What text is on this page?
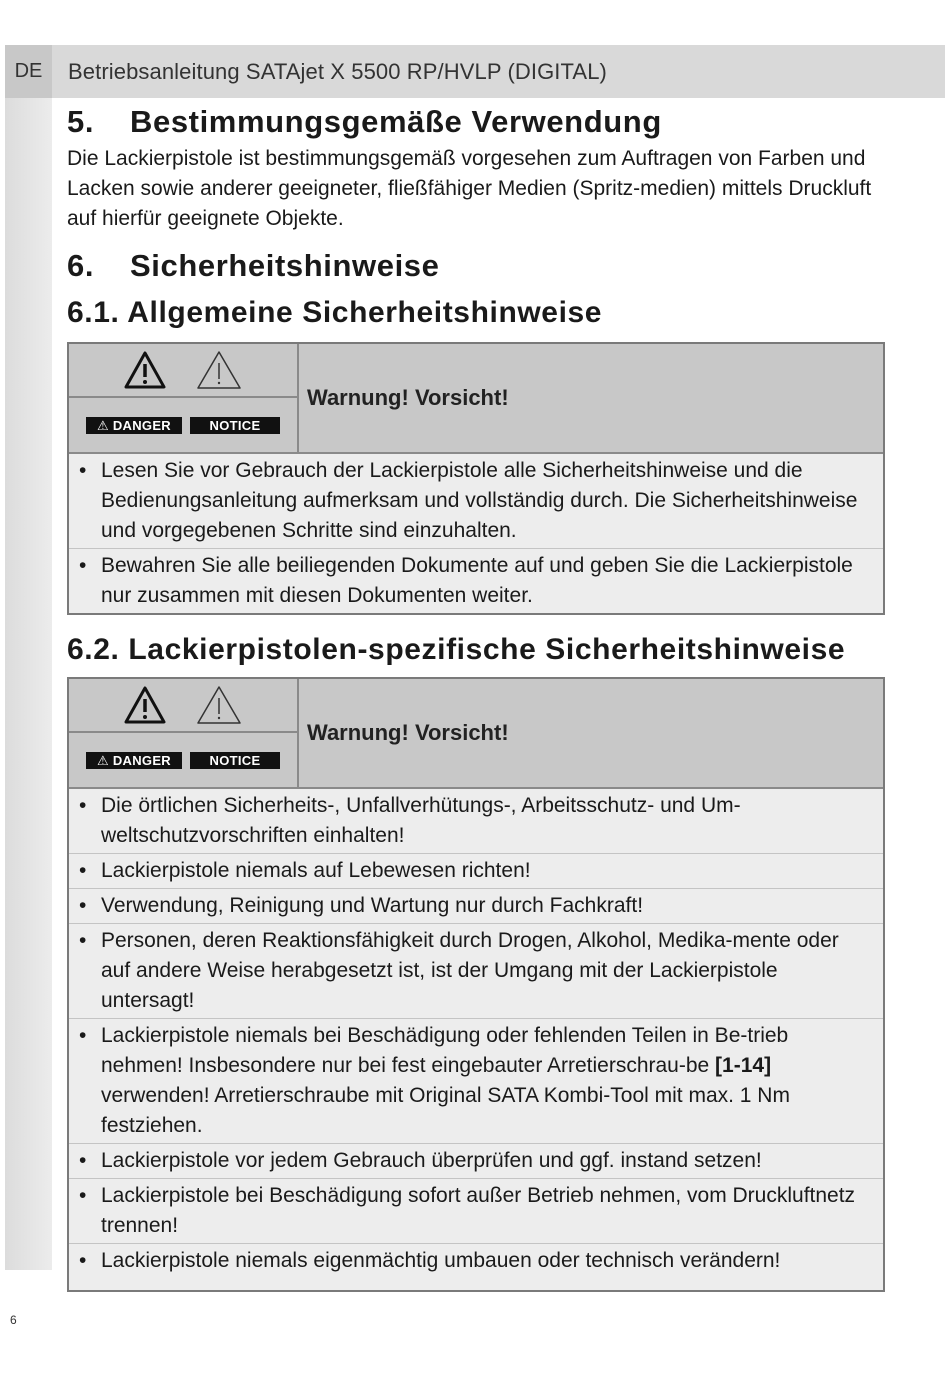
DE	Betriebsanleitung SATAjet X 5500 RP/HVLP (DIGITAL)
5.	Bestimmungsgemäße Verwendung

Die Lackierpistole ist bestimmungsgemäß vorgesehen zum Auftragen von Farben und Lacken sowie anderer geeigneter, fließfähiger Medien (Spritz-medien) mittels Druckluft auf hierfür geeignete Objekte.

6.	Sicherheitshinweise
6.1. Allgemeine Sicherheitshinweise
⚠ DANGER	NOTICE
Warnung! Vorsicht!
• Lesen Sie vor Gebrauch der Lackierpistole alle Sicherheitshinweise und die Bedienungsanleitung aufmerksam und vollständig durch. Die Sicherheitshinweise und vorgegebenen Schritte sind einzuhalten.
• Bewahren Sie alle beiliegenden Dokumente auf und geben Sie die Lackierpistole nur zusammen mit diesen Dokumenten weiter.
6.2. Lackierpistolen-spezifische Sicherheitshinweise
⚠ DANGER	NOTICE
Warnung! Vorsicht!
• Die örtlichen Sicherheits-, Unfallverhütungs-, Arbeitsschutz- und Um-weltschutzvorschriften einhalten!
• Lackierpistole niemals auf Lebewesen richten!
• Verwendung, Reinigung und Wartung nur durch Fachkraft!
• Personen, deren Reaktionsfähigkeit durch Drogen, Alkohol, Medika-mente oder auf andere Weise herabgesetzt ist, ist der Umgang mit der Lackierpistole untersagt!
• Lackierpistole niemals bei Beschädigung oder fehlenden Teilen in Be-trieb nehmen! Insbesondere nur bei fest eingebauter Arretierschrau-be [1-14] verwenden! Arretierschraube mit Original SATA Kombi-Tool mit max. 1 Nm festziehen.
• Lackierpistole vor jedem Gebrauch überprüfen und ggf. instand setzen!
• Lackierpistole bei Beschädigung sofort außer Betrieb nehmen, vom Druckluftnetz trennen!
• Lackierpistole niemals eigenmächtig umbauen oder technisch verändern!
6
